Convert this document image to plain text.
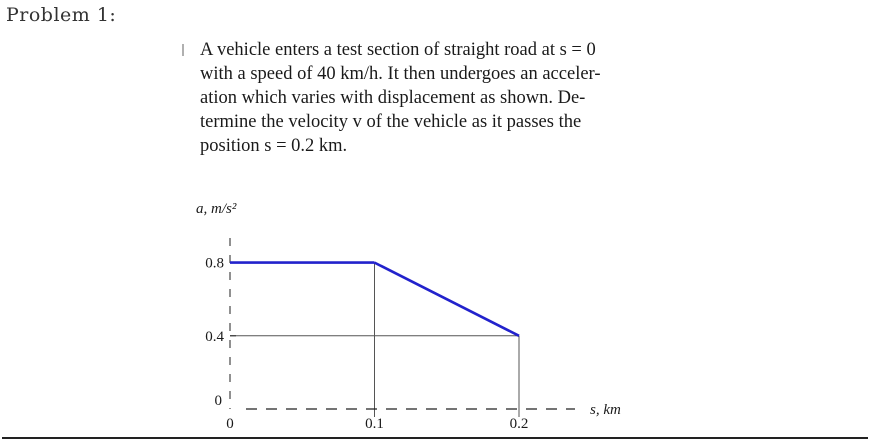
Problem 1:
A vehicle enters a test section of straight road at s = 0
with a speed of 40 km/h. It then undergoes an acceler-
ation which varies with displacement as shown. De-
termine the velocity v of the vehicle as it passes the
position s = 0.2 km.
0
0.4
0.8
0	0.1	0.2
a, m/s²
s, km
